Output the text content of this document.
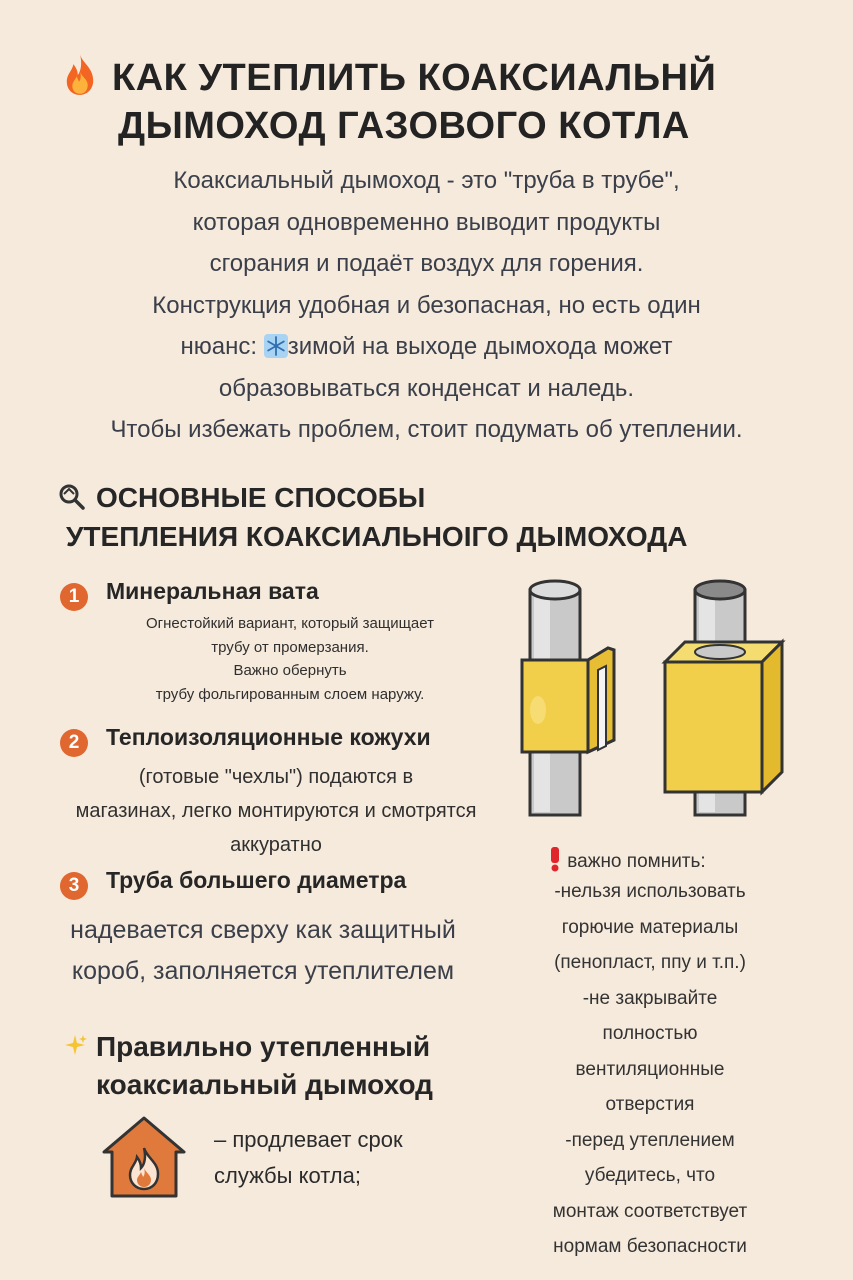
КАК УТЕПЛИТЬ КОАКСИАЛЬНЙ
ДЫМОХОД ГАЗОВОГО КОТЛА
Коаксиальный дымоход - это "труба в трубе",
которая одновременно выводит продукты
сгорания и подаёт воздух для горения.
Конструкция удобная и безопасная, но есть один
нюанс: зимой на выходе дымохода может
образовываться конденсат и наледь.
Чтобы избежать проблем, стоит подумать об утеплении.
ОСНОВНЫЕ СПОСОБЫ
УТЕПЛЕНИЯ КОАКСИАЛЬНОIГО ДЫМОХОДА
1	Минеральная вата
Огнестойкий вариант, который защищает
трубу от промерзания.
Важно обернуть
трубу фольгированным слоем наружу.
2	Теплоизоляционные кожухи
(готовые "чехлы") подаются в
магазинах, легко монтируются и смотрятся
аккуратно
3	Труба большего диаметра
надевается сверху как защитный
короб, заполняется утеплителем
важно помнить:
-нельзя использовать
горючие материалы
(пенопласт, ппу и т.п.)
-не закрывайте
полностью
вентиляционные
отверстия
-перед утеплением
убедитесь, что
монтаж соответствует
нормам безопасности
Правильно утепленный
коаксиальный дымоход
– продлевает срок
службы котла;
